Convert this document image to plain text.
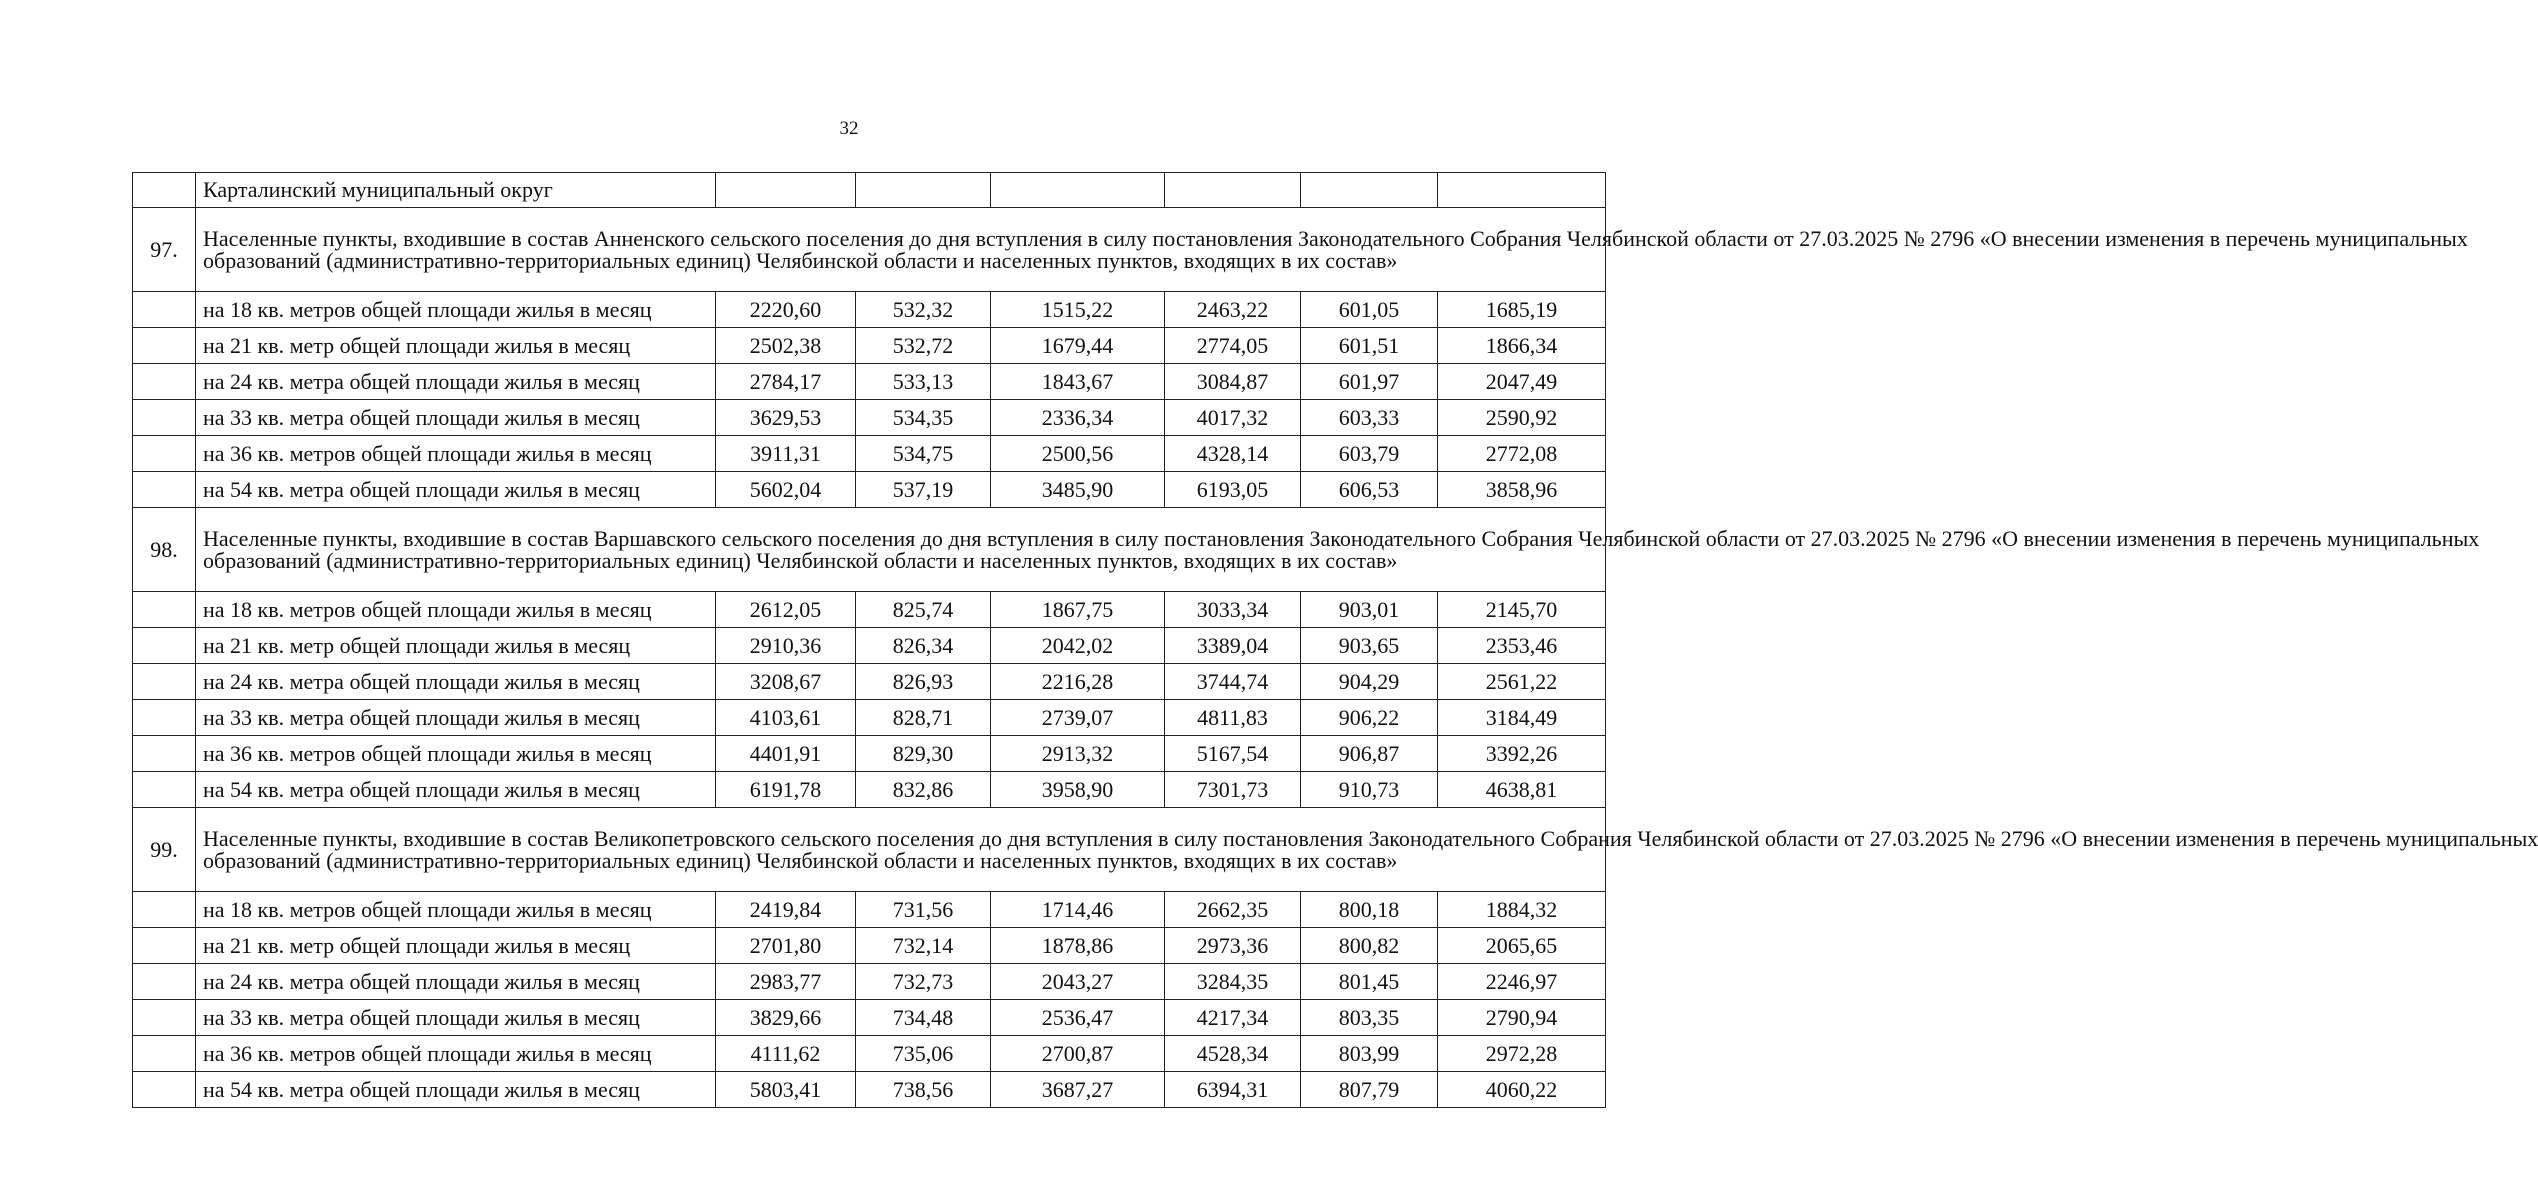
32
	Карталинский муниципальный округ						
97.	Населенные пункты, входившие в состав Анненского сельского поселения до дня вступления в силу постановления Законодательного Собрания Челябинской области от 27.03.2025 № 2796 «О внесении изменения в перечень муниципальных
образований (административно-территориальных единиц) Челябинской области и населенных пунктов, входящих в их состав»						

	на 18 кв. метров общей площади жилья в месяц	2220,60	532,32	1515,22	2463,22	601,05	1685,19
	на 21 кв. метр общей площади жилья в месяц	2502,38	532,72	1679,44	2774,05	601,51	1866,34
	на 24 кв. метра общей площади жилья в месяц	2784,17	533,13	1843,67	3084,87	601,97	2047,49
	на 33 кв. метра общей площади жилья в месяц	3629,53	534,35	2336,34	4017,32	603,33	2590,92
	на 36 кв. метров общей площади жилья в месяц	3911,31	534,75	2500,56	4328,14	603,79	2772,08
	на 54 кв. метра общей площади жилья в месяц	5602,04	537,19	3485,90	6193,05	606,53	3858,96
98.	Населенные пункты, входившие в состав Варшавского сельского поселения до дня вступления в силу постановления Законодательного Собрания Челябинской области от 27.03.2025 № 2796 «О внесении изменения в перечень муниципальных
образований (административно-территориальных единиц) Челябинской области и населенных пунктов, входящих в их состав»						

	на 18 кв. метров общей площади жилья в месяц	2612,05	825,74	1867,75	3033,34	903,01	2145,70
	на 21 кв. метр общей площади жилья в месяц	2910,36	826,34	2042,02	3389,04	903,65	2353,46
	на 24 кв. метра общей площади жилья в месяц	3208,67	826,93	2216,28	3744,74	904,29	2561,22
	на 33 кв. метра общей площади жилья в месяц	4103,61	828,71	2739,07	4811,83	906,22	3184,49
	на 36 кв. метров общей площади жилья в месяц	4401,91	829,30	2913,32	5167,54	906,87	3392,26
	на 54 кв. метра общей площади жилья в месяц	6191,78	832,86	3958,90	7301,73	910,73	4638,81
99.	Населенные пункты, входившие в состав Великопетровского сельского поселения до дня вступления в силу постановления Законодательного Собрания Челябинской области от 27.03.2025 № 2796 «О внесении изменения в перечень муниципальных
образований (административно-территориальных единиц) Челябинской области и населенных пунктов, входящих в их состав»						

	на 18 кв. метров общей площади жилья в месяц	2419,84	731,56	1714,46	2662,35	800,18	1884,32
	на 21 кв. метр общей площади жилья в месяц	2701,80	732,14	1878,86	2973,36	800,82	2065,65
	на 24 кв. метра общей площади жилья в месяц	2983,77	732,73	2043,27	3284,35	801,45	2246,97
	на 33 кв. метра общей площади жилья в месяц	3829,66	734,48	2536,47	4217,34	803,35	2790,94
	на 36 кв. метров общей площади жилья в месяц	4111,62	735,06	2700,87	4528,34	803,99	2972,28
	на 54 кв. метра общей площади жилья в месяц	5803,41	738,56	3687,27	6394,31	807,79	4060,22
